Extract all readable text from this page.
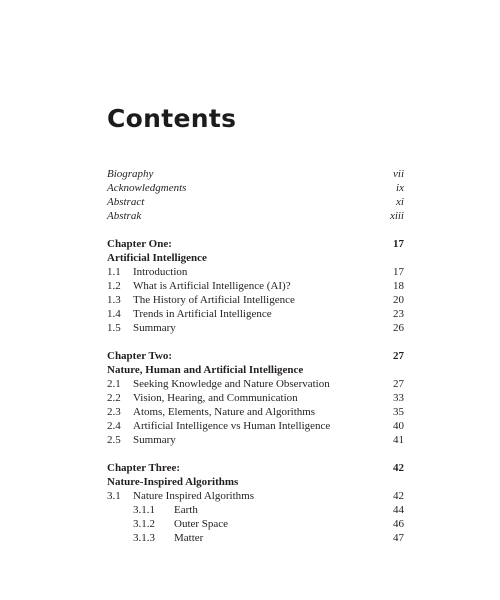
Contents
Biography	vii
Acknowledgments	ix
Abstract	xi
Abstrak	xiii
Chapter One:	17
Artificial Intelligence
1.1 Introduction	17
1.2 What is Artificial Intelligence (AI)?	18
1.3 The History of Artificial Intelligence	20
1.4 Trends in Artificial Intelligence	23
1.5 Summary	26
Chapter Two:	27
Nature, Human and Artificial Intelligence
2.1 Seeking Knowledge and Nature Observation	27
2.2 Vision, Hearing, and Communication	33
2.3 Atoms, Elements, Nature and Algorithms	35
2.4 Artificial Intelligence vs Human Intelligence	40
2.5 Summary	41
Chapter Three:	42
Nature-Inspired Algorithms
3.1 Nature Inspired Algorithms	42
3.1.1 Earth	44
3.1.2 Outer Space	46
3.1.3 Matter	47
